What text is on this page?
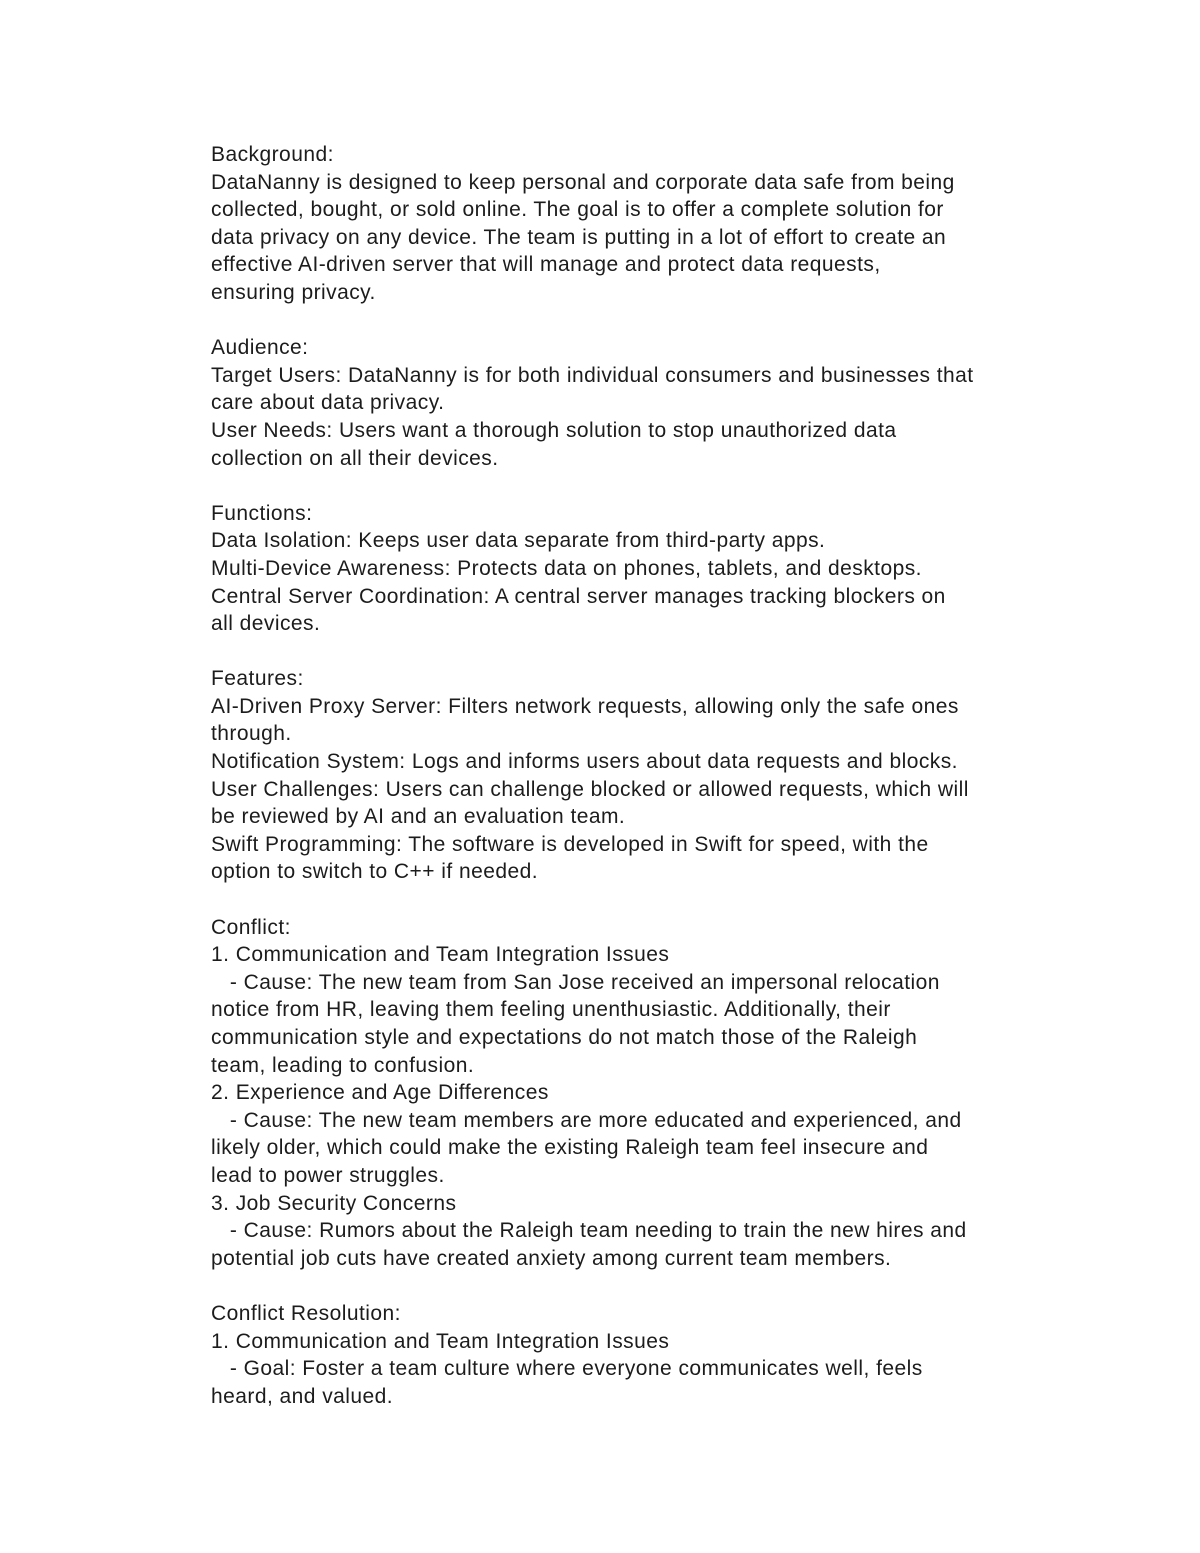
Background:
DataNanny is designed to keep personal and corporate data safe from being
collected, bought, or sold online. The goal is to offer a complete solution for
data privacy on any device. The team is putting in a lot of effort to create an
effective AI-driven server that will manage and protect data requests,
ensuring privacy.
Audience:
Target Users: DataNanny is for both individual consumers and businesses that
care about data privacy.
User Needs: Users want a thorough solution to stop unauthorized data
collection on all their devices.
Functions:
Data Isolation: Keeps user data separate from third-party apps.
Multi-Device Awareness: Protects data on phones, tablets, and desktops.
Central Server Coordination: A central server manages tracking blockers on
all devices.
Features:
AI-Driven Proxy Server: Filters network requests, allowing only the safe ones
through.
Notification System: Logs and informs users about data requests and blocks.
User Challenges: Users can challenge blocked or allowed requests, which will
be reviewed by AI and an evaluation team.
Swift Programming: The software is developed in Swift for speed, with the
option to switch to C++ if needed.
Conflict:
1. Communication and Team Integration Issues
- Cause: The new team from San Jose received an impersonal relocation
notice from HR, leaving them feeling unenthusiastic. Additionally, their
communication style and expectations do not match those of the Raleigh
team, leading to confusion.
2. Experience and Age Differences
- Cause: The new team members are more educated and experienced, and
likely older, which could make the existing Raleigh team feel insecure and
lead to power struggles.
3. Job Security Concerns
- Cause: Rumors about the Raleigh team needing to train the new hires and
potential job cuts have created anxiety among current team members.
Conflict Resolution:
1. Communication and Team Integration Issues
- Goal: Foster a team culture where everyone communicates well, feels
heard, and valued.
